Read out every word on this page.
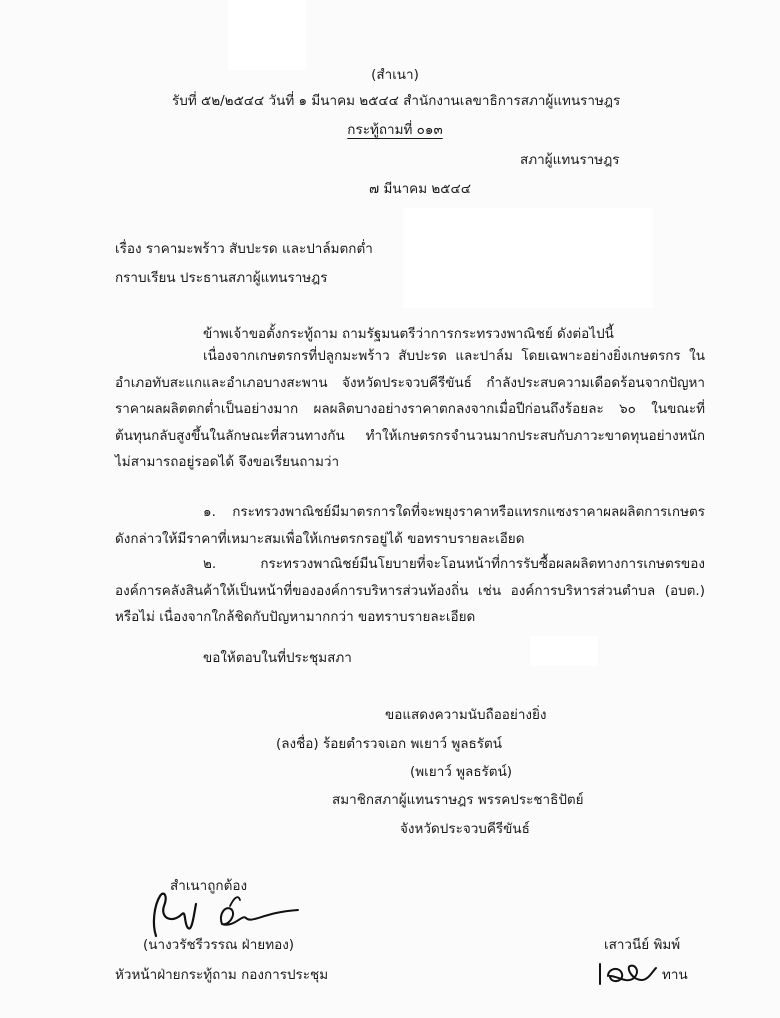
(สำเนา)
รับที่ ๕๒/๒๕๔๔ วันที่ ๑ มีนาคม ๒๕๔๔ สำนักงานเลขาธิการสภาผู้แทนราษฎร
กระทู้ถามที่ ๐๑๓
สภาผู้แทนราษฎร
๗ มีนาคม ๒๕๔๔
เรื่อง ราคามะพร้าว สับปะรด และปาล์มตกต่ำ
กราบเรียน ประธานสภาผู้แทนราษฎร
ข้าพเจ้าขอตั้งกระทู้ถาม ถามรัฐมนตรีว่าการกระทรวงพาณิชย์ ดังต่อไปนี้
เนื่องจากเกษตรกรที่ปลูกมะพร้าว สับปะรด และปาล์ม โดยเฉพาะอย่างยิ่งเกษตรกร ในอำเภอทับสะแกและอำเภอบางสะพาน จังหวัดประจวบคีรีขันธ์ กำลังประสบความเดือดร้อนจากปัญหาราคาผลผลิตตกต่ำเป็นอย่างมาก ผลผลิตบางอย่างราคาตกลงจากเมื่อปีก่อนถึงร้อยละ ๖๐ ในขณะที่ต้นทุนกลับสูงขึ้นในลักษณะที่สวนทางกัน ทำให้เกษตรกรจำนวนมากประสบกับภาวะขาดทุนอย่างหนัก ไม่สามารถอยู่รอดได้ จึงขอเรียนถามว่า
๑. กระทรวงพาณิชย์มีมาตรการใดที่จะพยุงราคาหรือแทรกแซงราคาผลผลิตการเกษตร ดังกล่าวให้มีราคาที่เหมาะสมเพื่อให้เกษตรกรอยู่ได้ ขอทราบรายละเอียด
๒. กระทรวงพาณิชย์มีนโยบายที่จะโอนหน้าที่การรับซื้อผลผลิตทางการเกษตรของ องค์การคลังสินค้าให้เป็นหน้าที่ขององค์การบริหารส่วนท้องถิ่น เช่น องค์การบริหารส่วนตำบล (อบต.) หรือไม่ เนื่องจากใกล้ชิดกับปัญหามากกว่า ขอทราบรายละเอียด
ขอให้ตอบในที่ประชุมสภา
ขอแสดงความนับถืออย่างยิ่ง
(ลงชื่อ) ร้อยตำรวจเอก พเยาว์ พูลธรัตน์
(พเยาว์ พูลธรัตน์)
สมาชิกสภาผู้แทนราษฎร พรรคประชาธิปัตย์
จังหวัดประจวบคีรีขันธ์
สำเนาถูกต้อง
(นางวรัชรีวรรณ ฝ่ายทอง)
หัวหน้าฝ่ายกระทู้ถาม กองการประชุม
เสาวนีย์ พิมพ์
ทาน
